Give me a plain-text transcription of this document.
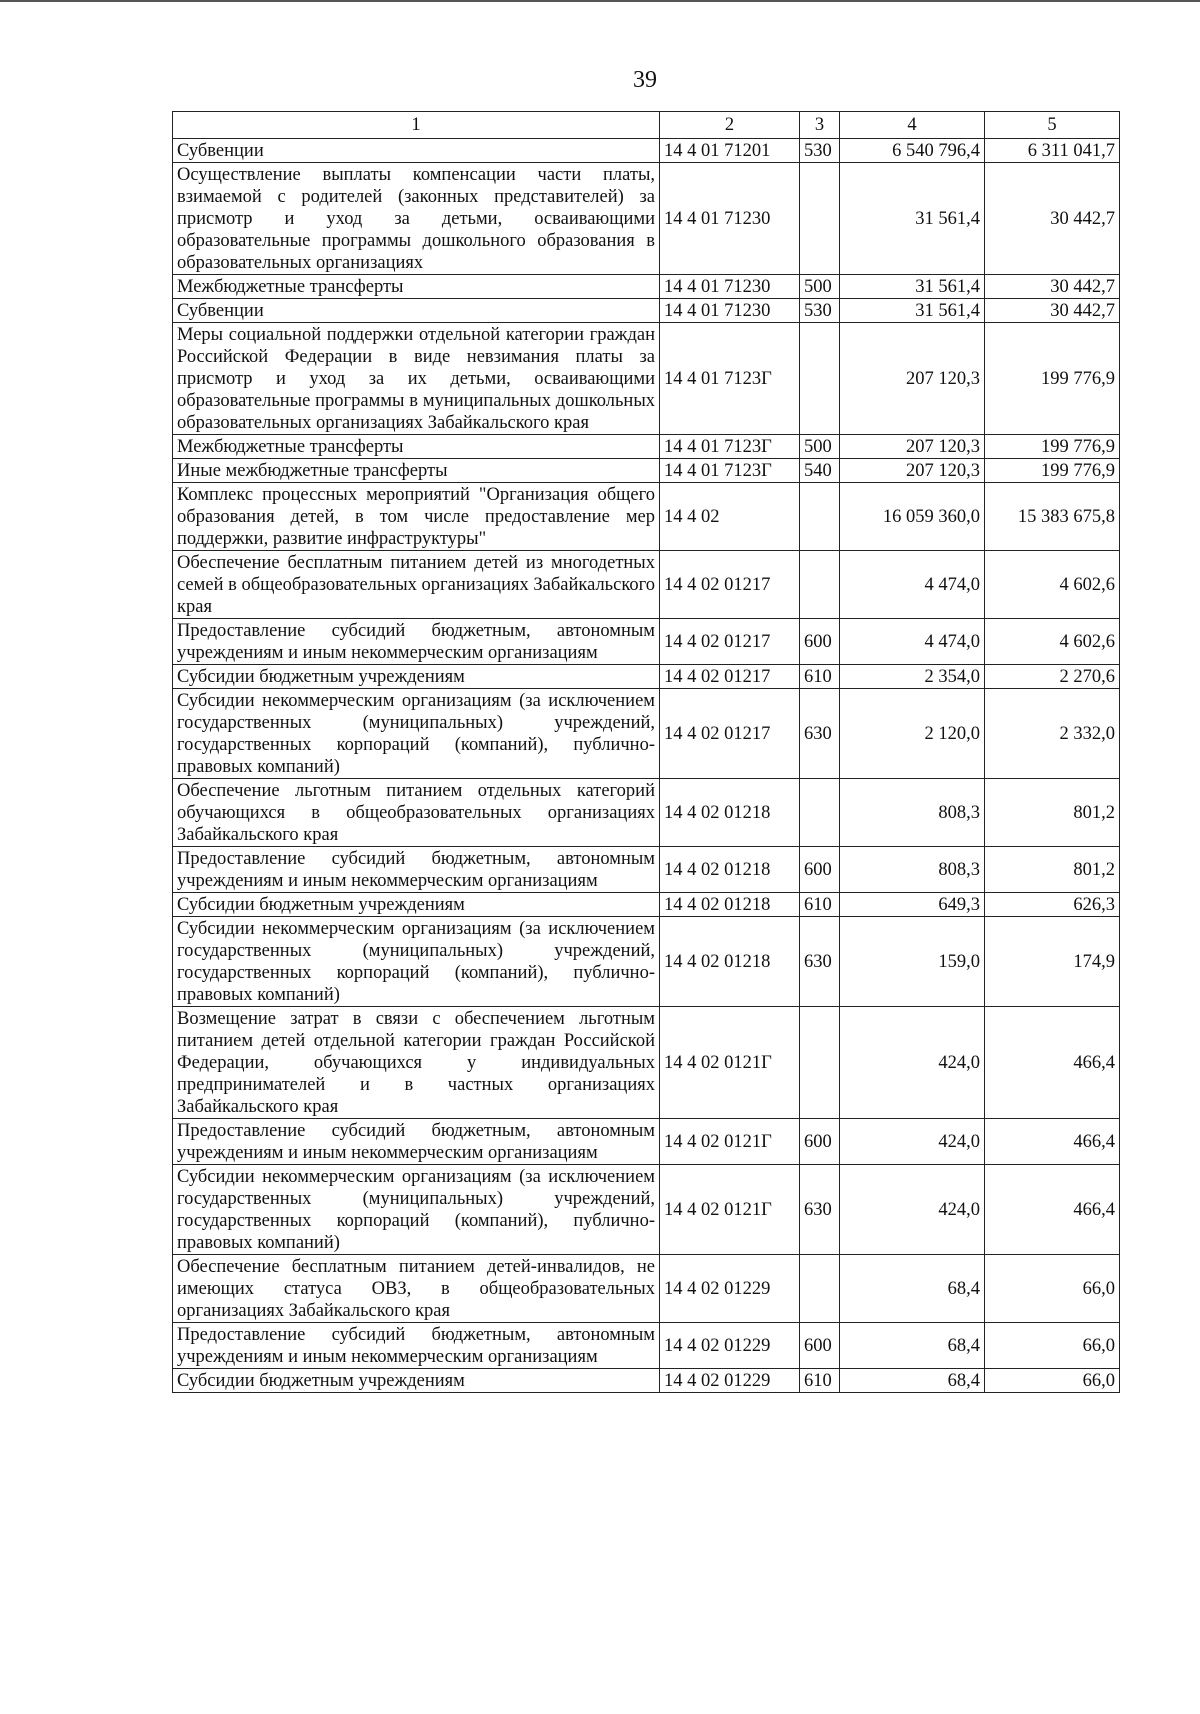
39
1	2	3	4	5
Субвенции	14 4 01 71201	530	6 540 796,4	6 311 041,7
Осуществление выплаты компенсации части платы, взимаемой с родителей (законных представителей) за присмотр и уход за детьми, осваивающими образовательные программы дошкольного образования в образовательных организациях	14 4 01 71230		31 561,4	30 442,7
Межбюджетные трансферты	14 4 01 71230	500	31 561,4	30 442,7
Субвенции	14 4 01 71230	530	31 561,4	30 442,7
Меры социальной поддержки отдельной категории граждан Российской Федерации в виде невзимания платы за присмотр и уход за их детьми, осваивающими образовательные программы в муниципальных дошкольных образовательных организациях Забайкальского края	14 4 01 7123Г		207 120,3	199 776,9
Межбюджетные трансферты	14 4 01 7123Г	500	207 120,3	199 776,9
Иные межбюджетные трансферты	14 4 01 7123Г	540	207 120,3	199 776,9
Комплекс процессных мероприятий "Организация общего образования детей, в том числе предоставление мер поддержки, развитие инфраструктуры"	14 4 02		16 059 360,0	15 383 675,8
Обеспечение бесплатным питанием детей из многодетных семей в общеобразовательных организациях Забайкальского края	14 4 02 01217		4 474,0	4 602,6
Предоставление субсидий бюджетным, автономным учреждениям и иным некоммерческим организациям	14 4 02 01217	600	4 474,0	4 602,6
Субсидии бюджетным учреждениям	14 4 02 01217	610	2 354,0	2 270,6
Субсидии некоммерческим организациям (за исключением государственных (муниципальных) учреждений, государственных корпораций (компаний), публично-правовых компаний)	14 4 02 01217	630	2 120,0	2 332,0
Обеспечение льготным питанием отдельных категорий обучающихся в общеобразовательных организациях Забайкальского края	14 4 02 01218		808,3	801,2
Предоставление субсидий бюджетным, автономным учреждениям и иным некоммерческим организациям	14 4 02 01218	600	808,3	801,2
Субсидии бюджетным учреждениям	14 4 02 01218	610	649,3	626,3
Субсидии некоммерческим организациям (за исключением государственных (муниципальных) учреждений, государственных корпораций (компаний), публично-правовых компаний)	14 4 02 01218	630	159,0	174,9
Возмещение затрат в связи с обеспечением льготным питанием детей отдельной категории граждан Российской Федерации, обучающихся у индивидуальных предпринимателей и в частных организациях Забайкальского края	14 4 02 0121Г		424,0	466,4
Предоставление субсидий бюджетным, автономным учреждениям и иным некоммерческим организациям	14 4 02 0121Г	600	424,0	466,4
Субсидии некоммерческим организациям (за исключением государственных (муниципальных) учреждений, государственных корпораций (компаний), публично-правовых компаний)	14 4 02 0121Г	630	424,0	466,4
Обеспечение бесплатным питанием детей-инвалидов, не имеющих статуса ОВЗ, в общеобразовательных организациях Забайкальского края	14 4 02 01229		68,4	66,0
Предоставление субсидий бюджетным, автономным учреждениям и иным некоммерческим организациям	14 4 02 01229	600	68,4	66,0
Субсидии бюджетным учреждениям	14 4 02 01229	610	68,4	66,0
